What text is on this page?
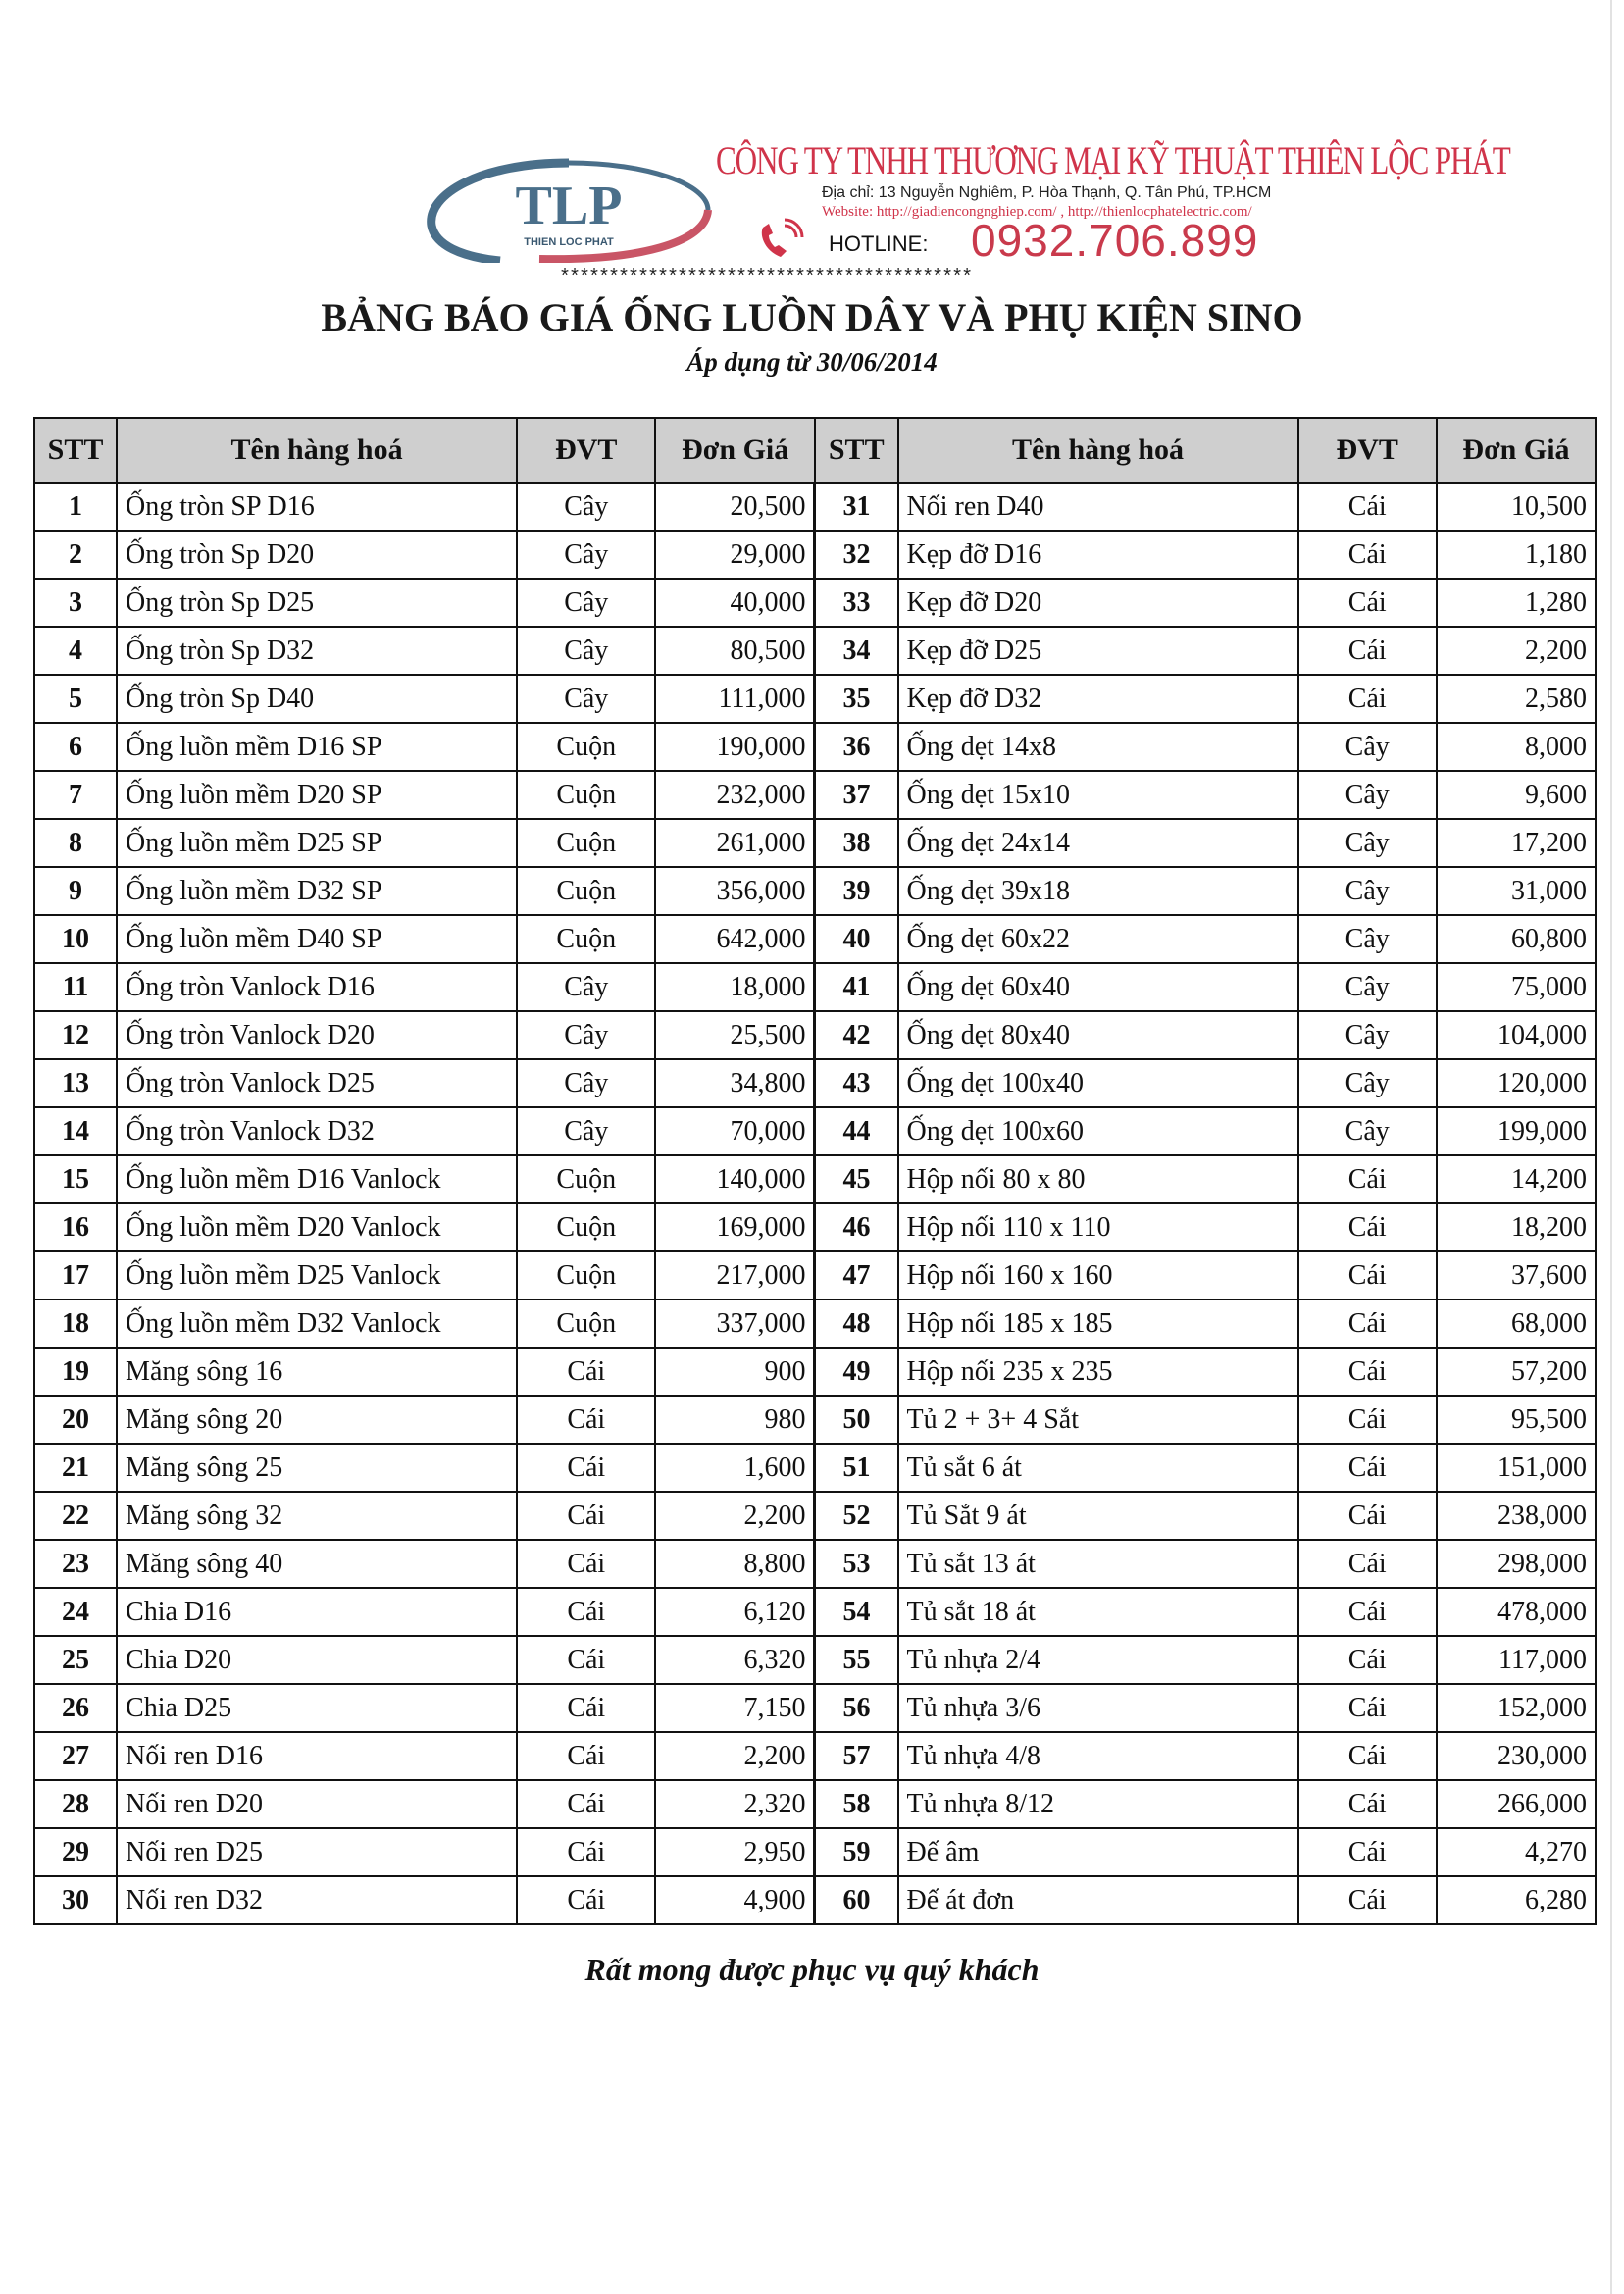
TLP
THIEN LOC PHAT
CÔNG TY TNHH THƯƠNG MẠI KỸ THUẬT THIÊN LỘC PHÁT
Địa chỉ: 13 Nguyễn Nghiêm, P. Hòa Thạnh, Q. Tân Phú, TP.HCM
Website: http://giadiencongnghiep.com/ , http://thienlocphatelectric.com/
HOTLINE: 0932.706.899
******************************************
BẢNG BÁO GIÁ ỐNG LUỒN DÂY VÀ PHỤ KIỆN SINO
Áp dụng từ 30/06/2014
STT	Tên hàng hoá	ĐVT	Đơn Giá	STT	Tên hàng hoá	ĐVT	Đơn Giá
1	Ống tròn SP D16	Cây	20,500	31	Nối ren D40	Cái	10,500
2	Ống tròn Sp D20	Cây	29,000	32	Kẹp đỡ D16	Cái	1,180
3	Ống tròn Sp D25	Cây	40,000	33	Kẹp đỡ D20	Cái	1,280
4	Ống tròn Sp D32	Cây	80,500	34	Kẹp đỡ D25	Cái	2,200
5	Ống tròn Sp D40	Cây	111,000	35	Kẹp đỡ D32	Cái	2,580
6	Ống luồn mềm D16 SP	Cuộn	190,000	36	Ống dẹt 14x8	Cây	8,000
7	Ống luồn mềm D20 SP	Cuộn	232,000	37	Ống dẹt 15x10	Cây	9,600
8	Ống luồn mềm D25 SP	Cuộn	261,000	38	Ống dẹt 24x14	Cây	17,200
9	Ống luồn mềm D32 SP	Cuộn	356,000	39	Ống dẹt 39x18	Cây	31,000
10	Ống luồn mềm D40 SP	Cuộn	642,000	40	Ống dẹt 60x22	Cây	60,800
11	Ống tròn Vanlock D16	Cây	18,000	41	Ống dẹt 60x40	Cây	75,000
12	Ống tròn Vanlock D20	Cây	25,500	42	Ống dẹt 80x40	Cây	104,000
13	Ống tròn Vanlock D25	Cây	34,800	43	Ống dẹt 100x40	Cây	120,000
14	Ống tròn Vanlock D32	Cây	70,000	44	Ống dẹt 100x60	Cây	199,000
15	Ống luồn mềm D16 Vanlock	Cuộn	140,000	45	Hộp nối 80 x 80	Cái	14,200
16	Ống luồn mềm D20 Vanlock	Cuộn	169,000	46	Hộp nối 110 x 110	Cái	18,200
17	Ống luồn mềm D25 Vanlock	Cuộn	217,000	47	Hộp nối 160 x 160	Cái	37,600
18	Ống luồn mềm D32 Vanlock	Cuộn	337,000	48	Hộp nối 185 x 185	Cái	68,000
19	Măng sông 16	Cái	900	49	Hộp nối 235 x 235	Cái	57,200
20	Măng sông 20	Cái	980	50	Tủ 2 + 3+ 4 Sắt	Cái	95,500
21	Măng sông 25	Cái	1,600	51	Tủ sắt 6 át	Cái	151,000
22	Măng sông 32	Cái	2,200	52	Tủ Sắt 9 át	Cái	238,000
23	Măng sông 40	Cái	8,800	53	Tủ sắt 13 át	Cái	298,000
24	Chia D16	Cái	6,120	54	Tủ sắt 18 át	Cái	478,000
25	Chia D20	Cái	6,320	55	Tủ nhựa 2/4	Cái	117,000
26	Chia D25	Cái	7,150	56	Tủ nhựa 3/6	Cái	152,000
27	Nối ren D16	Cái	2,200	57	Tủ nhựa 4/8	Cái	230,000
28	Nối ren D20	Cái	2,320	58	Tủ nhựa 8/12	Cái	266,000
29	Nối ren D25	Cái	2,950	59	Đế âm	Cái	4,270
30	Nối ren D32	Cái	4,900	60	Đế át đơn	Cái	6,280
Rất mong được phục vụ quý khách
